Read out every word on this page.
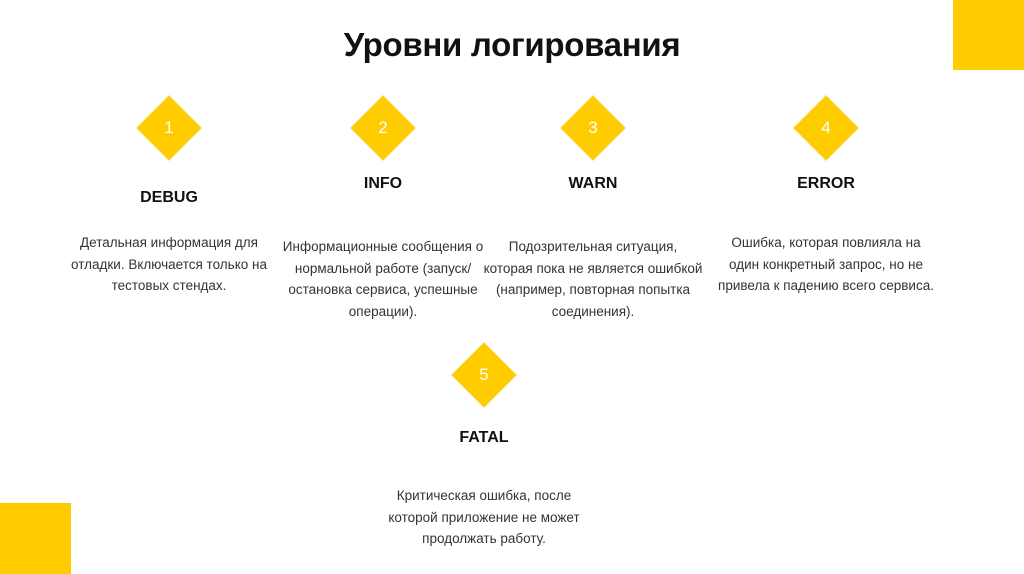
Уровни логирования
1
DEBUG
Детальная информация для отладки. Включается только на тестовых стендах.
2
INFO
Информационные сообщения о нормальной работе (запуск/остановка сервиса, успешные операции).
3
WARN
Подозрительная ситуация, которая пока не является ошибкой (например, повторная попытка соединения).
4
ERROR
Ошибка, которая повлияла на один конкретный запрос, но не привела к падению всего сервиса.
5
FATAL
Критическая ошибка, после которой приложение не может продолжать работу.
